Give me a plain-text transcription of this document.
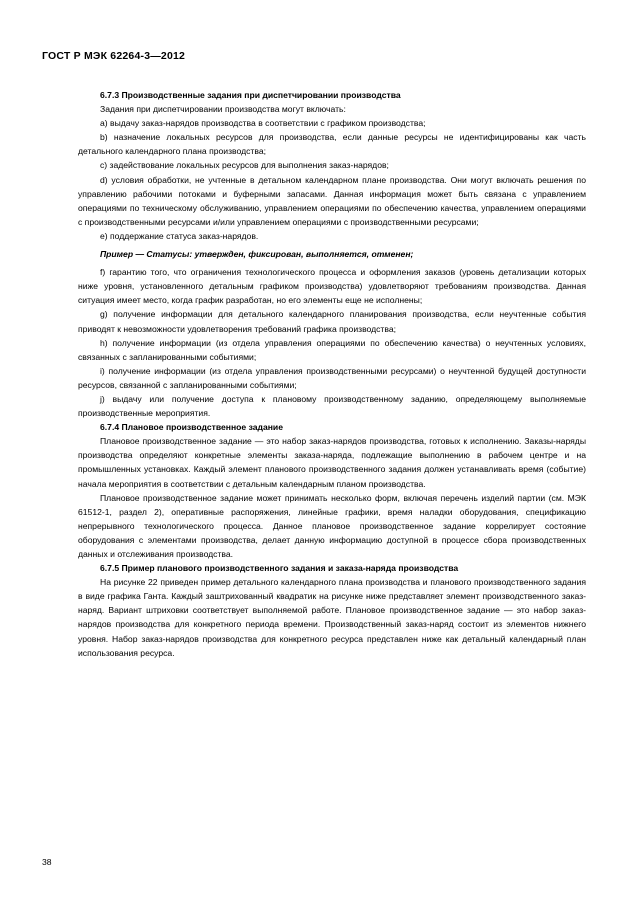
ГОСТ Р МЭК 62264-3—2012
6.7.3 Производственные задания при диспетчировании производства

Задания при диспетчировании производства могут включать:

a) выдачу заказ-нарядов производства в соответствии с графиком производства;

b) назначение локальных ресурсов для производства, если данные ресурсы не идентифицированы как часть детального календарного плана производства;

c) задействование локальных ресурсов для выполнения заказ-нарядов;

d) условия обработки, не учтенные в детальном календарном плане производства. Они могут включать решения по управлению рабочими потоками и буферными запасами. Данная информация может быть связана с управлением операциями по техническому обслуживанию, управлением операциями по обеспечению качества, управлением операциями с производственными ресурсами и/или управлением операциями с производственными ресурсами;

e) поддержание статуса заказ-нарядов.

Пример — Статусы: утвержден, фиксирован, выполняется, отменен;

f) гарантию того, что ограничения технологического процесса и оформления заказов (уровень детализации которых ниже уровня, установленного детальным графиком производства) удовлетворяют требованиям производства. Данная ситуация имеет место, когда график разработан, но его элементы еще не исполнены;

g) получение информации для детального календарного планирования производства, если неучтенные события приводят к невозможности удовлетворения требований графика производства;

h) получение информации (из отдела управления операциями по обеспечению качества) о неучтенных условиях, связанных с запланированными событиями;

i) получение информации (из отдела управления производственными ресурсами) о неучтенной будущей доступности ресурсов, связанной с запланированными событиями;

j) выдачу или получение доступа к плановому производственному заданию, определяющему выполняемые производственные мероприятия.

6.7.4 Плановое производственное задание

Плановое производственное задание — это набор заказ-нарядов производства, готовых к исполнению. Заказы-наряды производства определяют конкретные элементы заказа-наряда, подлежащие выполнению в рабочем центре и на промышленных установках. Каждый элемент планового производственного задания должен устанавливать время (событие) начала мероприятия в соответствии с детальным календарным планом производства.

Плановое производственное задание может принимать несколько форм, включая перечень изделий партии (см. МЭК 61512-1, раздел 2), оперативные распоряжения, линейные графики, время наладки оборудования, спецификацию непрерывного технологического процесса. Данное плановое производственное задание коррелирует состояние оборудования с элементами производства, делает данную информацию доступной в процессе сбора производственных данных и отслеживания производства.

6.7.5 Пример планового производственного задания и заказа-наряда производства

На рисунке 22 приведен пример детального календарного плана производства и планового производственного задания в виде графика Ганта. Каждый заштрихованный квадратик на рисунке ниже представляет элемент производственного заказ-наряд. Вариант штриховки соответствует выполняемой работе. Плановое производственное задание — это набор заказ-нарядов производства для конкретного периода времени. Производственный заказ-наряд состоит из элементов нижнего уровня. Набор заказ-нарядов производства для конкретного ресурса представлен ниже как детальный календарный план использования ресурса.

38
